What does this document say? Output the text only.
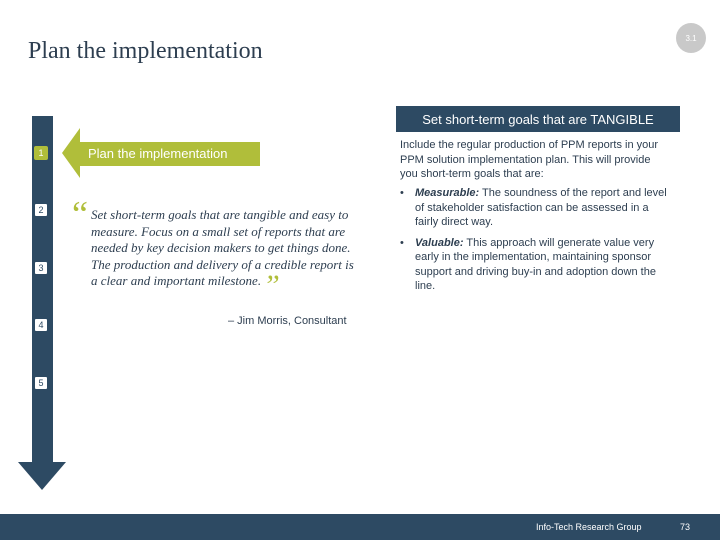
3.1
Plan the implementation
1
2
3
4
5
Plan the implementation
“ Set short-term goals that are tangible and easy to measure. Focus on a small set of reports that are needed by key decision makers to get things done. The production and delivery of a credible report is a clear and important milestone.”
– Jim Morris, Consultant
Set short-term goals that are TANGIBLE
Include the regular production of PPM reports in your PPM solution implementation plan. This will provide you short-term goals that are:
• Measurable: The soundness of the report and level of stakeholder satisfaction can be assessed in a fairly direct way.
• Valuable: This approach will generate value very early in the implementation, maintaining sponsor support and driving buy-in and adoption down the line.
Info-Tech Research Group	73
